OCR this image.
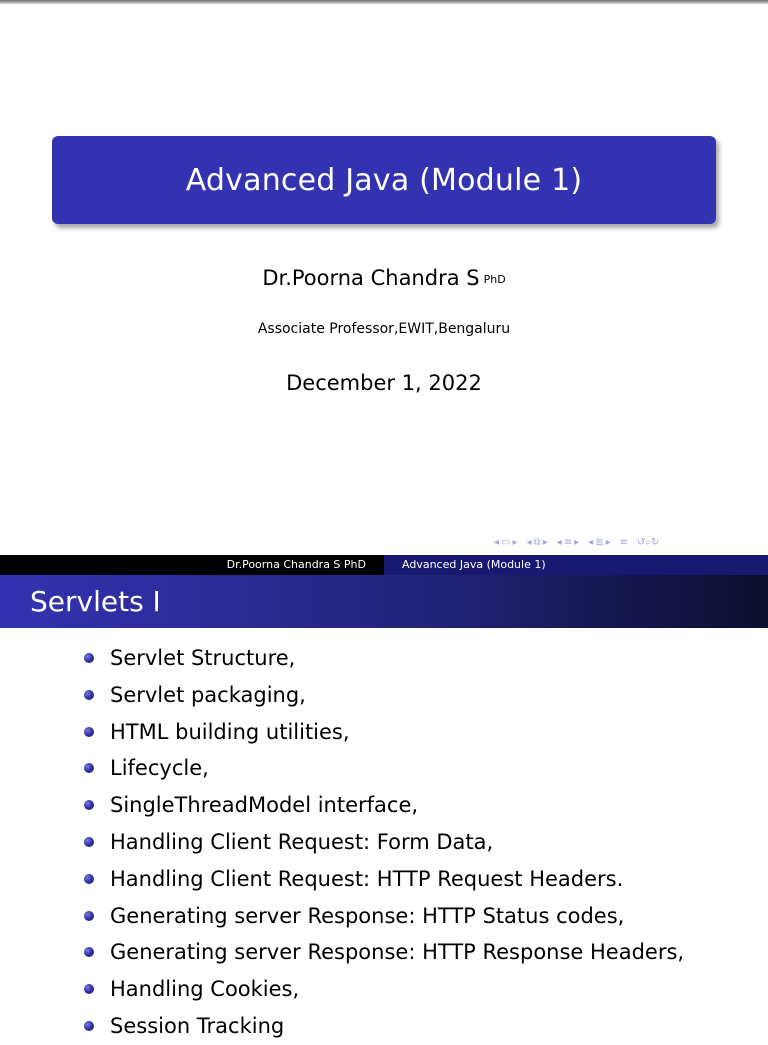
Advanced Java (Module 1)
Dr.Poorna Chandra S PhD
Associate Professor,EWIT,Bengaluru
December 1, 2022
◂ ▭ ▸ ◂ ⧉ ▸ ◂ ≡ ▸ ◂ ≣ ▸ ≡ ↺⌕↻
Dr.Poorna Chandra S PhD	Advanced Java (Module 1)
Servlets I
Servlet Structure,
Servlet packaging,
HTML building utilities,
Lifecycle,
SingleThreadModel interface,
Handling Client Request: Form Data,
Handling Client Request: HTTP Request Headers.
Generating server Response: HTTP Status codes,
Generating server Response: HTTP Response Headers,
Handling Cookies,
Session Tracking
